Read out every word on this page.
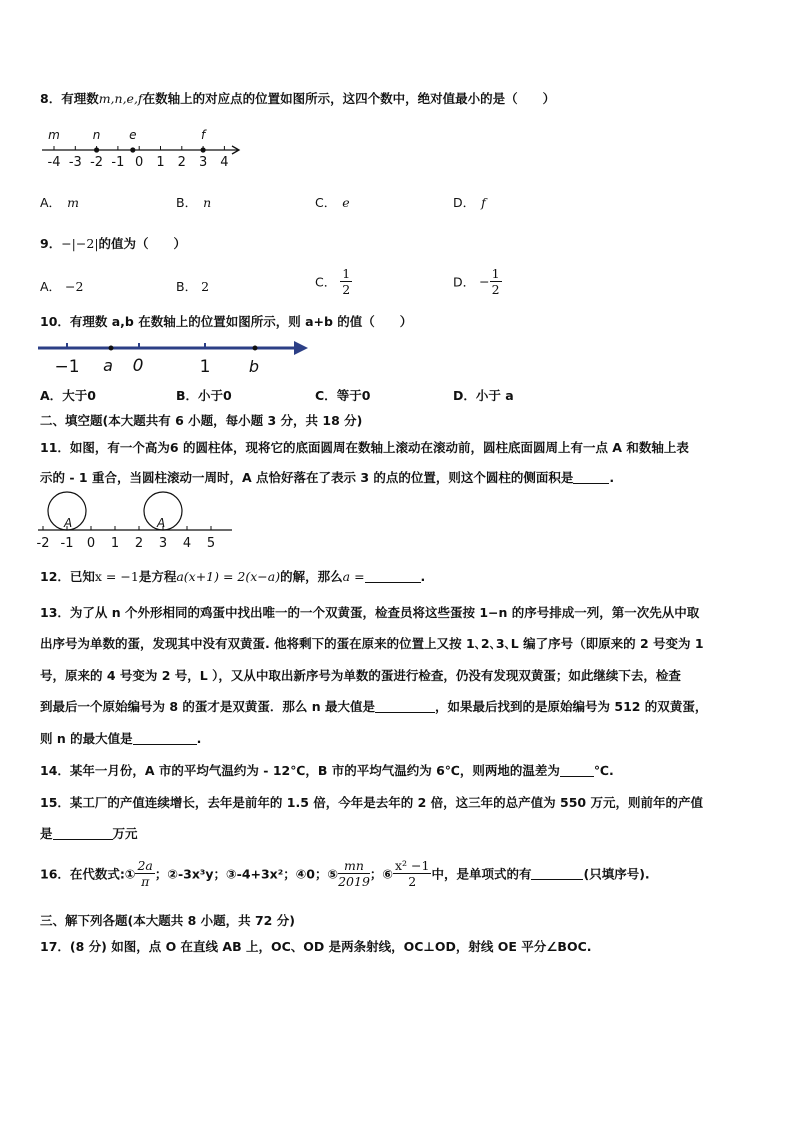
8．有理数m,n,e,f在数轴上的对应点的位置如图所示，这四个数中，绝对值最小的是（　　）
-4 -3 -2 -1 0 1 2 3 4
m	n e	f
A． m	B． n	C． e	D． f
9．−|−2|的值为（　　）
A． −2	B． 2	C． $\frac{1}{2}$	D． − $\frac{1}{2}$
10．有理数 a,b 在数轴上的位置如图所示，则 a+b 的值（　　）
−1 a 0	1 b
A．大于0	B．小于0	C．等于0	D．小于 a
二、填空题(本大题共有 6 小题，每小题 3 分，共 18 分)
11．如图，有一个高为6 的圆柱体，现将它的底面圆周在数轴上滚动在滚动前，圆柱底面圆周上有一点 A 和数轴上表
示的 - 1 重合，当圆柱滚动一周时，A 点恰好落在了表示 3 的点的位置，则这个圆柱的侧面积是	.
A	A
-2 -1 0 1 2 3 4 5
12．已知x = −1是方程a(x+1) = 2(x−a)的解，那么a =	.
13．为了从 n 个外形相同的鸡蛋中找出唯一的一个双黄蛋，检查员将这些蛋按 1−n 的序号排成一列，第一次先从中取
出序号为单数的蛋，发现其中没有双黄蛋. 他将剩下的蛋在原来的位置上又按 1､2､3､L 编了序号（即原来的 2 号变为 1
号，原来的 4 号变为 2 号，L ），又从中取出新序号为单数的蛋进行检查，仍没有发现双黄蛋；如此继续下去，检查
到最后一个原始编号为 8 的蛋才是双黄蛋．那么 n 最大值是	，如果最后找到的是原始编号为 512 的双黄蛋，
则 n 的最大值是	.
14．某年一月份，A 市的平均气温约为 - 12℃，B 市的平均气温约为 6℃，则两地的温差为	℃.
15．某工厂的产值连续增长，去年是前年的 1.5 倍，今年是去年的 2 倍，这三年的总产值为 550 万元，则前年的产值
是	万元
16．在代数式:① $\frac{2a}{\pi}$ ；②-3x³y；③-4+3x²；④0；⑤ $\frac{mn}{2019}$ ；⑥ $\frac{\text{x² −1}}{2}$ 中，是单项式的有	(只填序号).
三、解下列各题(本大题共 8 小题，共 72 分)
17．(8 分) 如图，点 O 在直线 AB 上，OC、OD 是两条射线，OC⊥OD，射线 OE 平分∠BOC.
